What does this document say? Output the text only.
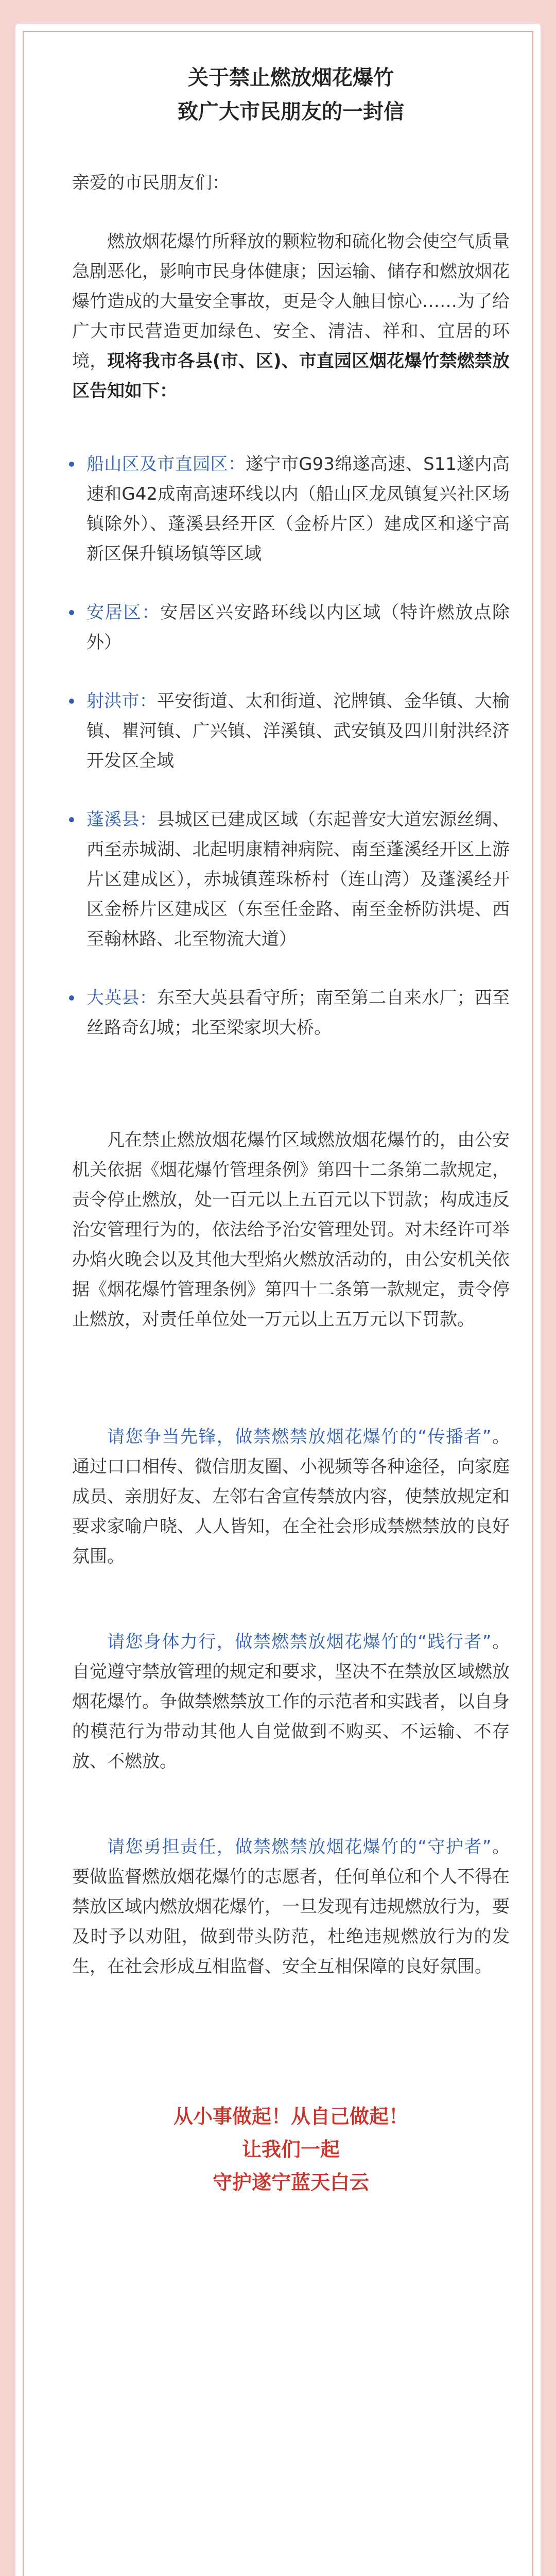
关于禁止燃放烟花爆竹
致广大市民朋友的一封信

亲爱的市民朋友们：

燃放烟花爆竹所释放的颗粒物和硫化物会使空气质量急剧恶化，影响市民身体健康；因运输、储存和燃放烟花爆竹造成的大量安全事故，更是令人触目惊心……为了给广大市民营造更加绿色、安全、清洁、祥和、宜居的环境，现将我市各县(市、区)、市直园区烟花爆竹禁燃禁放区告知如下：

船山区及市直园区：遂宁市G93绵遂高速、S11遂内高速和G42成南高速环线以内（船山区龙凤镇复兴社区场镇除外）、蓬溪县经开区（金桥片区）建成区和遂宁高新区保升镇场镇等区域
安居区：安居区兴安路环线以内区域（特许燃放点除外）
射洪市：平安街道、太和街道、沱牌镇、金华镇、大榆镇、瞿河镇、广兴镇、洋溪镇、武安镇及四川射洪经济开发区全域
蓬溪县：县城区已建成区域（东起普安大道宏源丝绸、西至赤城湖、北起明康精神病院、南至蓬溪经开区上游片区建成区），赤城镇莲珠桥村（连山湾）及蓬溪经开区金桥片区建成区（东至任金路、南至金桥防洪堤、西至翰林路、北至物流大道）
大英县：东至大英县看守所；南至第二自来水厂；西至丝路奇幻城；北至梁家坝大桥。

凡在禁止燃放烟花爆竹区域燃放烟花爆竹的，由公安机关依据《烟花爆竹管理条例》第四十二条第二款规定，责令停止燃放，处一百元以上五百元以下罚款；构成违反治安管理行为的，依法给予治安管理处罚。对未经许可举办焰火晚会以及其他大型焰火燃放活动的，由公安机关依据《烟花爆竹管理条例》第四十二条第一款规定，责令停止燃放，对责任单位处一万元以上五万元以下罚款。

请您争当先锋，做禁燃禁放烟花爆竹的“传播者”。通过口口相传、微信朋友圈、小视频等各种途径，向家庭成员、亲朋好友、左邻右舍宣传禁放内容，使禁放规定和要求家喻户晓、人人皆知，在全社会形成禁燃禁放的良好氛围。

请您身体力行，做禁燃禁放烟花爆竹的“践行者”。自觉遵守禁放管理的规定和要求，坚决不在禁放区域燃放烟花爆竹。争做禁燃禁放工作的示范者和实践者，以自身的模范行为带动其他人自觉做到不购买、不运输、不存放、不燃放。

请您勇担责任，做禁燃禁放烟花爆竹的“守护者”。要做监督燃放烟花爆竹的志愿者，任何单位和个人不得在禁放区域内燃放烟花爆竹，一旦发现有违规燃放行为，要及时予以劝阻，做到带头防范，杜绝违规燃放行为的发生，在社会形成互相监督、安全互相保障的良好氛围。

从小事做起！从自己做起！

让我们一起

守护遂宁蓝天白云
